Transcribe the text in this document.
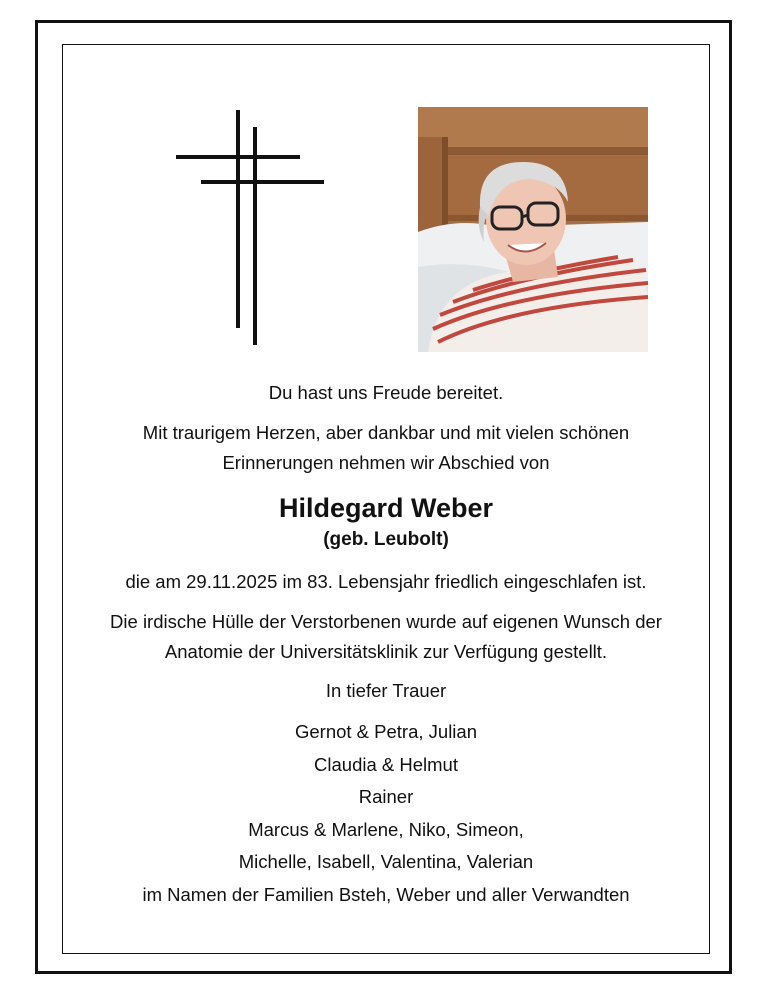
Du hast uns Freude bereitet.
Mit traurigem Herzen, aber dankbar und mit vielen schönen
Erinnerungen nehmen wir Abschied von
Hildegard Weber
(geb. Leubolt)
die am 29.11.2025 im 83. Lebensjahr friedlich eingeschlafen ist.
Die irdische Hülle der Verstorbenen wurde auf eigenen Wunsch der
Anatomie der Universitätsklinik zur Verfügung gestellt.
In tiefer Trauer
Gernot & Petra, Julian
Claudia & Helmut
Rainer
Marcus & Marlene, Niko, Simeon,
Michelle, Isabell, Valentina, Valerian
im Namen der Familien Bsteh, Weber und aller Verwandten
